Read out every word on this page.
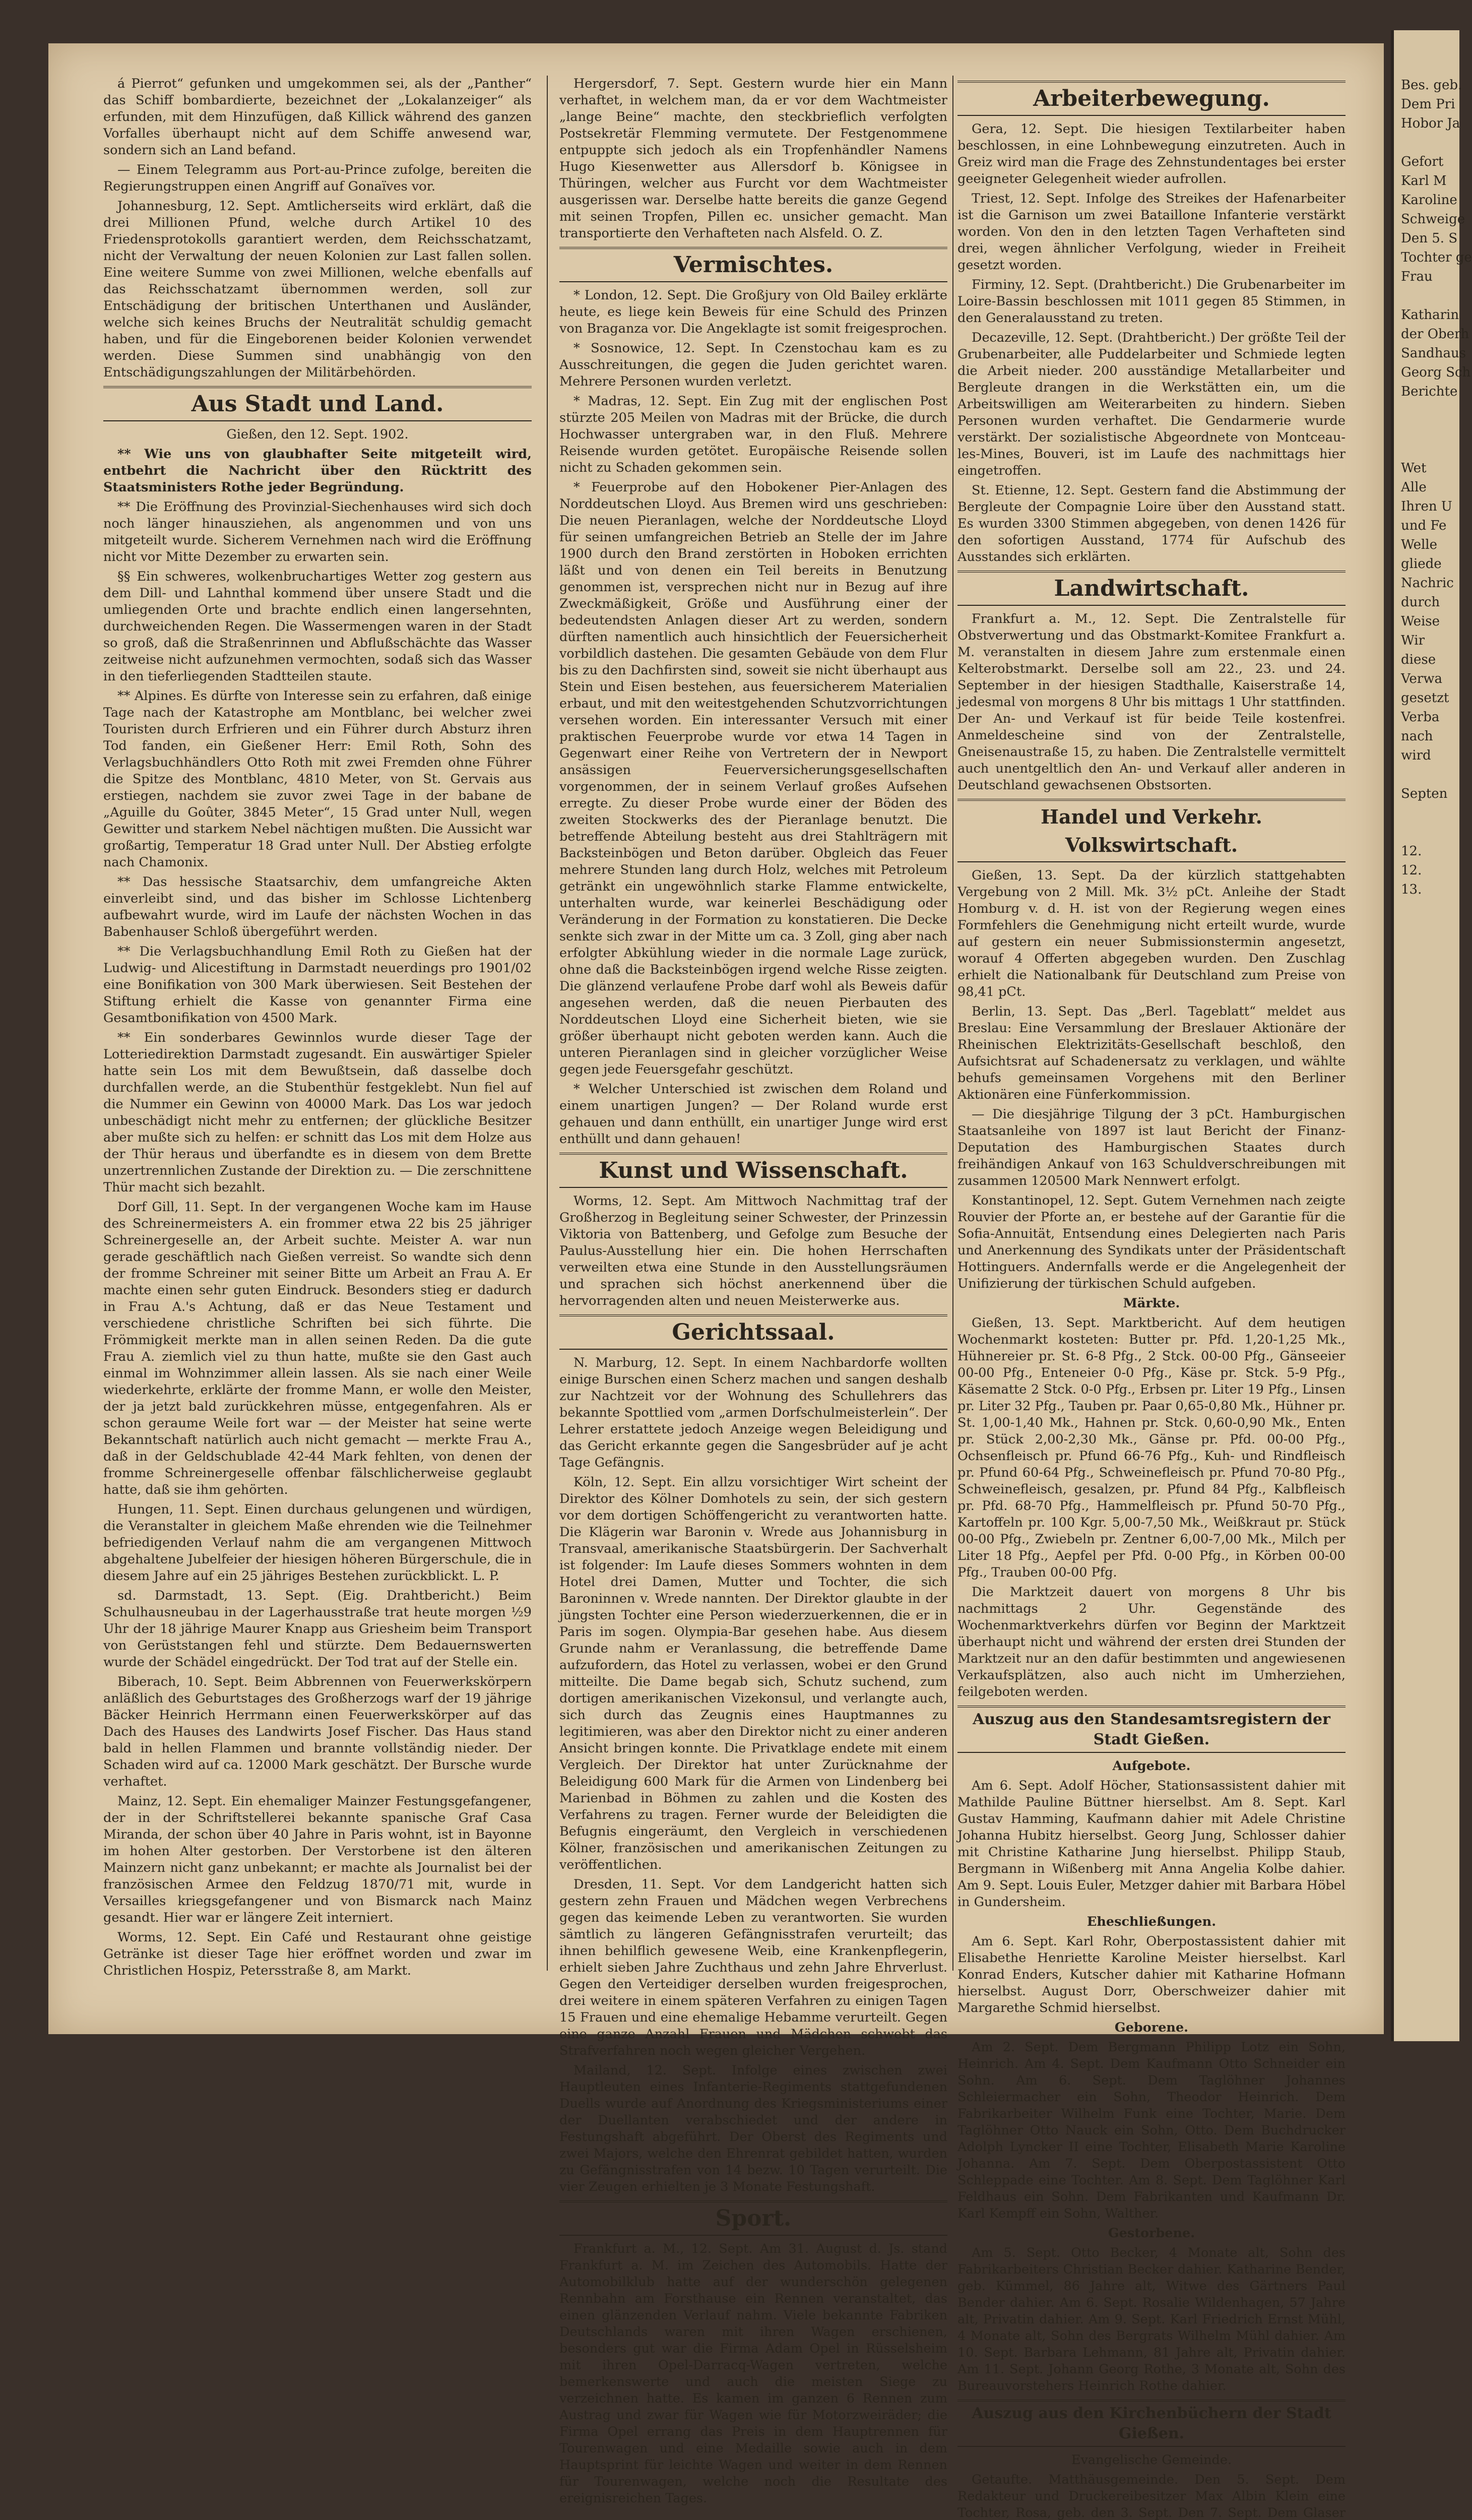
á Pierrot“ gefunken und umgekommen sei, als der „Panther“ das Schiff bombardierte, bezeichnet der „Lokalanzeiger“ als erfunden, mit dem Hinzufügen, daß Killick während des ganzen Vorfalles überhaupt nicht auf dem Schiffe anwesend war, sondern sich an Land befand.

— Einem Telegramm aus Port-au-Prince zufolge, bereiten die Regierungstruppen einen Angriff auf Gonaïves vor.

Johannesburg, 12. Sept. Amtlicherseits wird erklärt, daß die drei Millionen Pfund, welche durch Artikel 10 des Friedensprotokolls garantiert werden, dem Reichsschatzamt, nicht der Verwaltung der neuen Kolonien zur Last fallen sollen. Eine weitere Summe von zwei Millionen, welche ebenfalls auf das Reichsschatzamt übernommen werden, soll zur Entschädigung der britischen Unterthanen und Ausländer, welche sich keines Bruchs der Neutralität schuldig gemacht haben, und für die Eingeborenen beider Kolonien verwendet werden. Diese Summen sind unabhängig von den Entschädigungszahlungen der Militärbehörden.

Aus Stadt und Land.
Gießen, den 12. Sept. 1902.

** Wie uns von glaubhafter Seite mitgeteilt wird, entbehrt die Nachricht über den Rücktritt des Staatsministers Rothe jeder Begründung.

** Die Eröffnung des Provinzial-Siechenhauses wird sich doch noch länger hinausziehen, als angenommen und von uns mitgeteilt wurde. Sicherem Vernehmen nach wird die Eröffnung nicht vor Mitte Dezember zu erwarten sein.

§§ Ein schweres, wolkenbruchartiges Wetter zog gestern aus dem Dill- und Lahnthal kommend über unsere Stadt und die umliegenden Orte und brachte endlich einen langersehnten, durchweichenden Regen. Die Wassermengen waren in der Stadt so groß, daß die Straßenrinnen und Abflußschächte das Wasser zeitweise nicht aufzunehmen vermochten, sodaß sich das Wasser in den tieferliegenden Stadtteilen staute.

** Alpines. Es dürfte von Interesse sein zu erfahren, daß einige Tage nach der Katastrophe am Montblanc, bei welcher zwei Touristen durch Erfrieren und ein Führer durch Absturz ihren Tod fanden, ein Gießener Herr: Emil Roth, Sohn des Verlagsbuchhändlers Otto Roth mit zwei Fremden ohne Führer die Spitze des Montblanc, 4810 Meter, von St. Gervais aus erstiegen, nachdem sie zuvor zwei Tage in der babane de „Aguille du Goûter, 3845 Meter“, 15 Grad unter Null, wegen Gewitter und starkem Nebel nächtigen mußten. Die Aussicht war großartig, Temperatur 18 Grad unter Null. Der Abstieg erfolgte nach Chamonix.

** Das hessische Staatsarchiv, dem umfangreiche Akten einverleibt sind, und das bisher im Schlosse Lichtenberg aufbewahrt wurde, wird im Laufe der nächsten Wochen in das Babenhauser Schloß übergeführt werden.

** Die Verlagsbuchhandlung Emil Roth zu Gießen hat der Ludwig- und Alicestiftung in Darmstadt neuerdings pro 1901/02 eine Bonifikation von 300 Mark überwiesen. Seit Bestehen der Stiftung erhielt die Kasse von genannter Firma eine Gesamtbonifikation von 4500 Mark.

** Ein sonderbares Gewinnlos wurde dieser Tage der Lotteriedirektion Darmstadt zugesandt. Ein auswärtiger Spieler hatte sein Los mit dem Bewußtsein, daß dasselbe doch durchfallen werde, an die Stubenthür festgeklebt. Nun fiel auf die Nummer ein Gewinn von 40000 Mark. Das Los war jedoch unbeschädigt nicht mehr zu entfernen; der glückliche Besitzer aber mußte sich zu helfen: er schnitt das Los mit dem Holze aus der Thür heraus und überfandte es in diesem von dem Brette unzertrennlichen Zustande der Direktion zu. — Die zerschnittene Thür macht sich bezahlt.

Dorf Gill, 11. Sept. In der vergangenen Woche kam im Hause des Schreinermeisters A. ein frommer etwa 22 bis 25 jähriger Schreinergeselle an, der Arbeit suchte. Meister A. war nun gerade geschäftlich nach Gießen verreist. So wandte sich denn der fromme Schreiner mit seiner Bitte um Arbeit an Frau A. Er machte einen sehr guten Eindruck. Besonders stieg er dadurch in Frau A.'s Achtung, daß er das Neue Testament und verschiedene christliche Schriften bei sich führte. Die Frömmigkeit merkte man in allen seinen Reden. Da die gute Frau A. ziemlich viel zu thun hatte, mußte sie den Gast auch einmal im Wohnzimmer allein lassen. Als sie nach einer Weile wiederkehrte, erklärte der fromme Mann, er wolle den Meister, der ja jetzt bald zurückkehren müsse, entgegenfahren. Als er schon geraume Weile fort war — der Meister hat seine werte Bekanntschaft natürlich auch nicht gemacht — merkte Frau A., daß in der Geldschublade 42-44 Mark fehlten, von denen der fromme Schreinergeselle offenbar fälschlicherweise geglaubt hatte, daß sie ihm gehörten.

Hungen, 11. Sept. Einen durchaus gelungenen und würdigen, die Veranstalter in gleichem Maße ehrenden wie die Teilnehmer befriedigenden Verlauf nahm die am vergangenen Mittwoch abgehaltene Jubelfeier der hiesigen höheren Bürgerschule, die in diesem Jahre auf ein 25 jähriges Bestehen zurückblickt. L. P.

sd. Darmstadt, 13. Sept. (Eig. Drahtbericht.) Beim Schulhausneubau in der Lagerhausstraße trat heute morgen ½9 Uhr der 18 jährige Maurer Knapp aus Griesheim beim Transport von Gerüststangen fehl und stürzte. Dem Bedauernswerten wurde der Schädel eingedrückt. Der Tod trat auf der Stelle ein.

Biberach, 10. Sept. Beim Abbrennen von Feuerwerkskörpern anläßlich des Geburtstages des Großherzogs warf der 19 jährige Bäcker Heinrich Herrmann einen Feuerwerkskörper auf das Dach des Hauses des Landwirts Josef Fischer. Das Haus stand bald in hellen Flammen und brannte vollständig nieder. Der Schaden wird auf ca. 12000 Mark geschätzt. Der Bursche wurde verhaftet.

Mainz, 12. Sept. Ein ehemaliger Mainzer Festungsgefangener, der in der Schriftstellerei bekannte spanische Graf Casa Miranda, der schon über 40 Jahre in Paris wohnt, ist in Bayonne im hohen Alter gestorben. Der Verstorbene ist den älteren Mainzern nicht ganz unbekannt; er machte als Journalist bei der französischen Armee den Feldzug 1870/71 mit, wurde in Versailles kriegsgefangener und von Bismarck nach Mainz gesandt. Hier war er längere Zeit interniert.

Worms, 12. Sept. Ein Café und Restaurant ohne geistige Getränke ist dieser Tage hier eröffnet worden und zwar im Christlichen Hospiz, Petersstraße 8, am Markt.

Hergersdorf, 7. Sept. Gestern wurde hier ein Mann verhaftet, in welchem man, da er vor dem Wachtmeister „lange Beine“ machte, den steckbrieflich verfolgten Postsekretär Flemming vermutete. Der Festgenommene entpuppte sich jedoch als ein Tropfenhändler Namens Hugo Kiesenwetter aus Allersdorf b. Königsee in Thüringen, welcher aus Furcht vor dem Wachtmeister ausgerissen war. Derselbe hatte bereits die ganze Gegend mit seinen Tropfen, Pillen ec. unsicher gemacht. Man transportierte den Verhafteten nach Alsfeld. O. Z.

Vermischtes.

* London, 12. Sept. Die Großjury von Old Bailey erklärte heute, es liege kein Beweis für eine Schuld des Prinzen von Braganza vor. Die Angeklagte ist somit freigesprochen.

* Sosnowice, 12. Sept. In Czenstochau kam es zu Ausschreitungen, die gegen die Juden gerichtet waren. Mehrere Personen wurden verletzt.

* Madras, 12. Sept. Ein Zug mit der englischen Post stürzte 205 Meilen von Madras mit der Brücke, die durch Hochwasser untergraben war, in den Fluß. Mehrere Reisende wurden getötet. Europäische Reisende sollen nicht zu Schaden gekommen sein.

* Feuerprobe auf den Hobokener Pier-Anlagen des Norddeutschen Lloyd. Aus Bremen wird uns geschrieben: Die neuen Pieranlagen, welche der Norddeutsche Lloyd für seinen umfangreichen Betrieb an Stelle der im Jahre 1900 durch den Brand zerstörten in Hoboken errichten läßt und von denen ein Teil bereits in Benutzung genommen ist, versprechen nicht nur in Bezug auf ihre Zweckmäßigkeit, Größe und Ausführung einer der bedeutendsten Anlagen dieser Art zu werden, sondern dürften namentlich auch hinsichtlich der Feuersicherheit vorbildlich dastehen. Die gesamten Gebäude von dem Flur bis zu den Dachfirsten sind, soweit sie nicht überhaupt aus Stein und Eisen bestehen, aus feuersicherem Materialien erbaut, und mit den weitestgehenden Schutzvorrichtungen versehen worden. Ein interessanter Versuch mit einer praktischen Feuerprobe wurde vor etwa 14 Tagen in Gegenwart einer Reihe von Vertretern der in Newport ansässigen Feuerversicherungsgesellschaften vorgenommen, der in seinem Verlauf großes Aufsehen erregte. Zu dieser Probe wurde einer der Böden des zweiten Stockwerks des der Pieranlage benutzt. Die betreffende Abteilung besteht aus drei Stahlträgern mit Backsteinbögen und Beton darüber. Obgleich das Feuer mehrere Stunden lang durch Holz, welches mit Petroleum getränkt ein ungewöhnlich starke Flamme entwickelte, unterhalten wurde, war keinerlei Beschädigung oder Veränderung in der Formation zu konstatieren. Die Decke senkte sich zwar in der Mitte um ca. 3 Zoll, ging aber nach erfolgter Abkühlung wieder in die normale Lage zurück, ohne daß die Backsteinbögen irgend welche Risse zeigten. Die glänzend verlaufene Probe darf wohl als Beweis dafür angesehen werden, daß die neuen Pierbauten des Norddeutschen Lloyd eine Sicherheit bieten, wie sie größer überhaupt nicht geboten werden kann. Auch die unteren Pieranlagen sind in gleicher vorzüglicher Weise gegen jede Feuersgefahr geschützt.

* Welcher Unterschied ist zwischen dem Roland und einem unartigen Jungen? — Der Roland wurde erst gehauen und dann enthüllt, ein unartiger Junge wird erst enthüllt und dann gehauen!

Kunst und Wissenschaft.

Worms, 12. Sept. Am Mittwoch Nachmittag traf der Großherzog in Begleitung seiner Schwester, der Prinzessin Viktoria von Battenberg, und Gefolge zum Besuche der Paulus-Ausstellung hier ein. Die hohen Herrschaften verweilten etwa eine Stunde in den Ausstellungsräumen und sprachen sich höchst anerkennend über die hervorragenden alten und neuen Meisterwerke aus.

Gerichtssaal.

N. Marburg, 12. Sept. In einem Nachbardorfe wollten einige Burschen einen Scherz machen und sangen deshalb zur Nachtzeit vor der Wohnung des Schullehrers das bekannte Spottlied vom „armen Dorfschulmeisterlein“. Der Lehrer erstattete jedoch Anzeige wegen Beleidigung und das Gericht erkannte gegen die Sangesbrüder auf je acht Tage Gefängnis.

Köln, 12. Sept. Ein allzu vorsichtiger Wirt scheint der Direktor des Kölner Domhotels zu sein, der sich gestern vor dem dortigen Schöffengericht zu verantworten hatte. Die Klägerin war Baronin v. Wrede aus Johannisburg in Transvaal, amerikanische Staatsbürgerin. Der Sachverhalt ist folgender: Im Laufe dieses Sommers wohnten in dem Hotel drei Damen, Mutter und Tochter, die sich Baroninnen v. Wrede nannten. Der Direktor glaubte in der jüngsten Tochter eine Person wiederzuerkennen, die er in Paris im sogen. Olympia-Bar gesehen habe. Aus diesem Grunde nahm er Veranlassung, die betreffende Dame aufzufordern, das Hotel zu verlassen, wobei er den Grund mitteilte. Die Dame begab sich, Schutz suchend, zum dortigen amerikanischen Vizekonsul, und verlangte auch, sich durch das Zeugnis eines Hauptmannes zu legitimieren, was aber den Direktor nicht zu einer anderen Ansicht bringen konnte. Die Privatklage endete mit einem Vergleich. Der Direktor hat unter Zurücknahme der Beleidigung 600 Mark für die Armen von Lindenberg bei Marienbad in Böhmen zu zahlen und die Kosten des Verfahrens zu tragen. Ferner wurde der Beleidigten die Befugnis eingeräumt, den Vergleich in verschiedenen Kölner, französischen und amerikanischen Zeitungen zu veröffentlichen.

Dresden, 11. Sept. Vor dem Landgericht hatten sich gestern zehn Frauen und Mädchen wegen Verbrechens gegen das keimende Leben zu verantworten. Sie wurden sämtlich zu längeren Gefängnisstrafen verurteilt; das ihnen behilflich gewesene Weib, eine Krankenpflegerin, erhielt sieben Jahre Zuchthaus und zehn Jahre Ehrverlust. Gegen den Verteidiger derselben wurden freigesprochen, drei weitere in einem späteren Verfahren zu einigen Tagen 15 Frauen und eine ehemalige Hebamme verurteilt. Gegen eine ganze Anzahl Frauen und Mädchen schwebt das Strafverfahren noch wegen gleicher Vergehen.

Mailand, 12. Sept. Infolge eines zwischen zwei Hauptleuten eines Infanterie-Regiments stattgefundenen Duells wurde auf Anordnung des Kriegsministeriums einer der Duellanten verabschiedet und der andere in Festungshaft abgeführt. Der Oberst des Regiments und zwei Majors, welche den Ehrenrat gebildet hatten, wurden zu Gefängnisstrafen von 14 bezw. 10 Tagen verurteilt. Die vier Zeugen erhielten je 3 Monate Festungshaft.

Sport.

Frankfurt a. M., 12. Sept. Am 31. August d. Js. stand Frankfurt a. M. im Zeichen des Automobils. Hatte der Automobilklub hatte auf der wunderschön gelegenen Rennbahn am Forsthause ein Rennen veranstaltet, das einen glänzenden Verlauf nahm. Viele bekannte Fabriken Deutschlands waren mit ihren Wagen erschienen, besonders gut war die Firma Adam Opel in Rüsselsheim mit ihren Opel-Darracq-Wagen vertreten, welche bemerkenswerte und auch die meisten Siege zu verzeichnen hatte. Es kamen im ganzen 6 Rennen zum Austrag und zwar für Wagen wie für Motorzweiräder; die Firma Opel errang das Preis in dem Hauptrennen für Tourenwagen und eine Medaille sowie auch in dem Hauptsprint für leichte Wagen und weiter in dem Rennen für Tourenwagen, welche noch die Resultate des ereignisreichen Tages.

Arbeiterbewegung.

Gera, 12. Sept. Die hiesigen Textilarbeiter haben beschlossen, in eine Lohnbewegung einzutreten. Auch in Greiz wird man die Frage des Zehnstundentages bei erster geeigneter Gelegenheit wieder aufrollen.

Triest, 12. Sept. Infolge des Streikes der Hafenarbeiter ist die Garnison um zwei Bataillone Infanterie verstärkt worden. Von den in den letzten Tagen Verhafteten sind drei, wegen ähnlicher Verfolgung, wieder in Freiheit gesetzt worden.

Firminy, 12. Sept. (Drahtbericht.) Die Grubenarbeiter im Loire-Bassin beschlossen mit 1011 gegen 85 Stimmen, in den Generalausstand zu treten.

Decazeville, 12. Sept. (Drahtbericht.) Der größte Teil der Grubenarbeiter, alle Puddelarbeiter und Schmiede legten die Arbeit nieder. 200 ausständige Metallarbeiter und Bergleute drangen in die Werkstätten ein, um die Arbeitswilligen am Weiterarbeiten zu hindern. Sieben Personen wurden verhaftet. Die Gendarmerie wurde verstärkt. Der sozialistische Abgeordnete von Montceau-les-Mines, Bouveri, ist im Laufe des nachmittags hier eingetroffen.

St. Etienne, 12. Sept. Gestern fand die Abstimmung der Bergleute der Compagnie Loire über den Ausstand statt. Es wurden 3300 Stimmen abgegeben, von denen 1426 für den sofortigen Ausstand, 1774 für Aufschub des Ausstandes sich erklärten.

Landwirtschaft.

Frankfurt a. M., 12. Sept. Die Zentralstelle für Obstverwertung und das Obstmarkt-Komitee Frankfurt a. M. veranstalten in diesem Jahre zum erstenmale einen Kelterobstmarkt. Derselbe soll am 22., 23. und 24. September in der hiesigen Stadthalle, Kaiserstraße 14, jedesmal von morgens 8 Uhr bis mittags 1 Uhr stattfinden. Der An- und Verkauf ist für beide Teile kostenfrei. Anmeldescheine sind von der Zentralstelle, Gneisenaustraße 15, zu haben. Die Zentralstelle vermittelt auch unentgeltlich den An- und Verkauf aller anderen in Deutschland gewachsenen Obstsorten.

Handel und Verkehr. Volkswirtschaft.

Gießen, 13. Sept. Da der kürzlich stattgehabten Vergebung von 2 Mill. Mk. 3½ pCt. Anleihe der Stadt Homburg v. d. H. ist von der Regierung wegen eines Formfehlers die Genehmigung nicht erteilt wurde, wurde auf gestern ein neuer Submissionstermin angesetzt, worauf 4 Offerten abgegeben wurden. Den Zuschlag erhielt die Nationalbank für Deutschland zum Preise von 98,41 pCt.

Berlin, 13. Sept. Das „Berl. Tageblatt“ meldet aus Breslau: Eine Versammlung der Breslauer Aktionäre der Rheinischen Elektrizitäts-Gesellschaft beschloß, den Aufsichtsrat auf Schadenersatz zu verklagen, und wählte behufs gemeinsamen Vorgehens mit den Berliner Aktionären eine Fünferkommission.

— Die diesjährige Tilgung der 3 pCt. Hamburgischen Staatsanleihe von 1897 ist laut Bericht der Finanz-Deputation des Hamburgischen Staates durch freihändigen Ankauf von 163 Schuldverschreibungen mit zusammen 120500 Mark Nennwert erfolgt.

Konstantinopel, 12. Sept. Gutem Vernehmen nach zeigte Rouvier der Pforte an, er bestehe auf der Garantie für die Sofia-Annuität, Entsendung eines Delegierten nach Paris und Anerkennung des Syndikats unter der Präsidentschaft Hottinguers. Andernfalls werde er die Angelegenheit der Unifizierung der türkischen Schuld aufgeben.

Märkte.

Gießen, 13. Sept. Marktbericht. Auf dem heutigen Wochenmarkt kosteten: Butter pr. Pfd. 1,20-1,25 Mk., Hühnereier pr. St. 6-8 Pfg., 2 Stck. 00-00 Pfg., Gänseeier 00-00 Pfg., Enteneier 0-0 Pfg., Käse pr. Stck. 5-9 Pfg., Käsematte 2 Stck. 0-0 Pfg., Erbsen pr. Liter 19 Pfg., Linsen pr. Liter 32 Pfg., Tauben pr. Paar 0,65-0,80 Mk., Hühner pr. St. 1,00-1,40 Mk., Hahnen pr. Stck. 0,60-0,90 Mk., Enten pr. Stück 2,00-2,30 Mk., Gänse pr. Pfd. 00-00 Pfg., Ochsenfleisch pr. Pfund 66-76 Pfg., Kuh- und Rindfleisch pr. Pfund 60-64 Pfg., Schweinefleisch pr. Pfund 70-80 Pfg., Schweinefleisch, gesalzen, pr. Pfund 84 Pfg., Kalbfleisch pr. Pfd. 68-70 Pfg., Hammelfleisch pr. Pfund 50-70 Pfg., Kartoffeln pr. 100 Kgr. 5,00-7,50 Mk., Weißkraut pr. Stück 00-00 Pfg., Zwiebeln pr. Zentner 6,00-7,00 Mk., Milch per Liter 18 Pfg., Aepfel per Pfd. 0-00 Pfg., in Körben 00-00 Pfg., Trauben 00-00 Pfg.

Die Marktzeit dauert von morgens 8 Uhr bis nachmittags 2 Uhr. Gegenstände des Wochenmarktverkehrs dürfen vor Beginn der Marktzeit überhaupt nicht und während der ersten drei Stunden der Marktzeit nur an den dafür bestimmten und angewiesenen Verkaufsplätzen, also auch nicht im Umherziehen, feilgeboten werden.

Auszug aus den Standesamtsregistern der Stadt Gießen.
Aufgebote.

Am 6. Sept. Adolf Höcher, Stationsassistent dahier mit Mathilde Pauline Büttner hierselbst. Am 8. Sept. Karl Gustav Hamming, Kaufmann dahier mit Adele Christine Johanna Hubitz hierselbst. Georg Jung, Schlosser dahier mit Christine Katharine Jung hierselbst. Philipp Staub, Bergmann in Wißenberg mit Anna Angelia Kolbe dahier. Am 9. Sept. Louis Euler, Metzger dahier mit Barbara Höbel in Gundersheim.

Eheschließungen.

Am 6. Sept. Karl Rohr, Oberpostassistent dahier mit Elisabethe Henriette Karoline Meister hierselbst. Karl Konrad Enders, Kutscher dahier mit Katharine Hofmann hierselbst. August Dorr, Oberschweizer dahier mit Margarethe Schmid hierselbst.

Geborene.

Am 2. Sept. Dem Bergmann Philipp Lotz ein Sohn, Heinrich. Am 4. Sept. Dem Kaufmann Otto Schneider ein Sohn. Am 6. Sept. Dem Taglöhner Johannes Schleiermacher ein Sohn, Theodor Heinrich. Dem Fabrikarbeiter Wilhelm Funk eine Tochter, Marie. Dem Taglöhner Otto Nauck ein Sohn, Otto. Dem Buchdrucker Adolph Lyncker II eine Tochter, Elisabeth Marie Karoline Johanna. Am 7. Sept. Dem Oberpostassistent Otto Schleppade eine Tochter. Am 8. Sept. Dem Taglöhner Karl Feldhaus ein Sohn. Dem Fabrikanten und Kaufmann Dr. Karl Kempff ein Sohn, Walther.

Gestorbene.

Am 5. Sept. Otto Becker, 4 Monate alt, Sohn des Fabrikarbeiters Christian Becker dahier. Katharine Bender, geb. Kümmel, 86 Jahre alt, Witwe des Gärtners Paul Bender dahier. Am 6. Sept. Rosalie Wildenhagen, 57 Jahre alt, Privatin dahier. Am 9. Sept. Karl Friedrich Ernst Mühl, 4 Monate alt, Sohn des Bergrats Wilhelm Mühl dahier. Am 10. Sept. Barbara Lehmann, 81 Jahre alt, Privatin dahier. Am 11. Sept. Johann Georg Rothe, 3 Monate alt, Sohn des Bureauvorstehers Heinrich Rothe dahier.

Auszug aus den Kirchenbüchern der Stadt Gießen.
Evangelische Gemeinde.

Getaufte. Matthäusgemeinde. Den 5. Sept. Dem Redakteur und Druckereibesitzer Max Albin Klein eine Tochter, Rosa, geb. den 3. Sept. Den 7. Sept. Dem Glaser

Bes. geb.
Dem Pri
Hobor Ja

Gefort
Karl M
Karoline
Schweige
Den 5. S
Tochter ge
Frau

Katharin
der Oberh
Sandhaus
Georg Sch
Berichte

Wet
Alle
Ihren U
und Fe
Welle
gliede
Nachric
durch
Weise
Wir
diese
Verwa
gesetzt
Verba
nach
wird

Septen

12.
12.
13.
